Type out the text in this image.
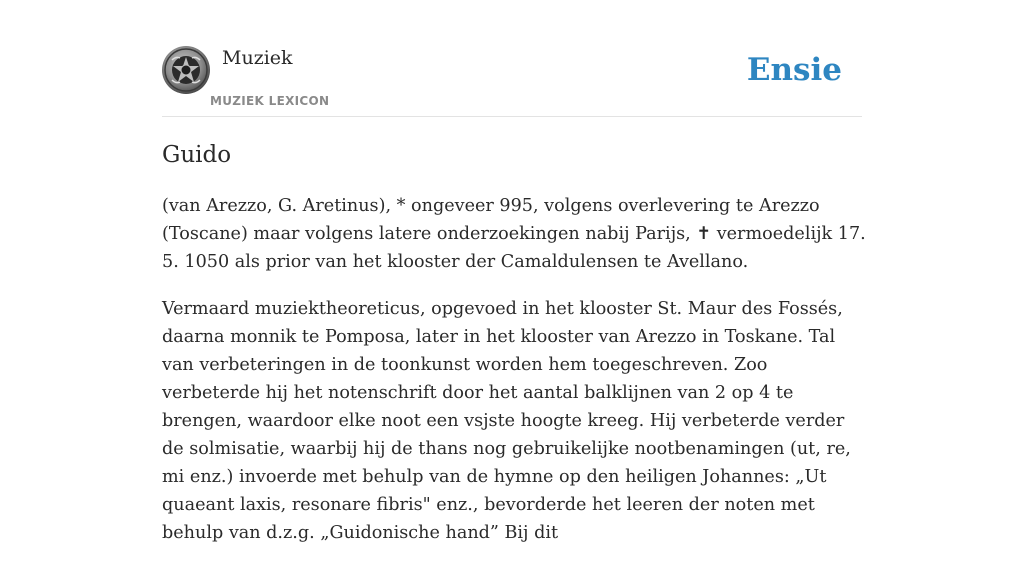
Muziek
MUZIEK LEXICON
Ensie
Guido

(van Arezzo, G. Aretinus), * ongeveer 995, volgens overlevering te Arezzo (Toscane) maar volgens latere onderzoekingen nabij Parijs, ✝ vermoedelijk 17. 5. 1050 als prior van het klooster der Camaldulensen te Avellano.

Vermaard muziektheoreticus, opgevoed in het klooster St. Maur des Fossés, daarna monnik te Pomposa, later in het klooster van Arezzo in Toskane. Tal van verbeteringen in de toonkunst worden hem toegeschreven. Zoo verbeterde hij het notenschrift door het aantal balklijnen van 2 op 4 te brengen, waardoor elke noot een vsjste hoogte kreeg. Hij verbeterde verder de solmisatie, waarbij hij de thans nog gebruikelijke nootbenamingen (ut, re, mi enz.) invoerde met behulp van de hymne op den heiligen Johannes: „Ut quaeant laxis, resonare fibris" enz., bevorderde het leeren der noten met behulp van d.z.g. „Guidonische hand” Bij dit
